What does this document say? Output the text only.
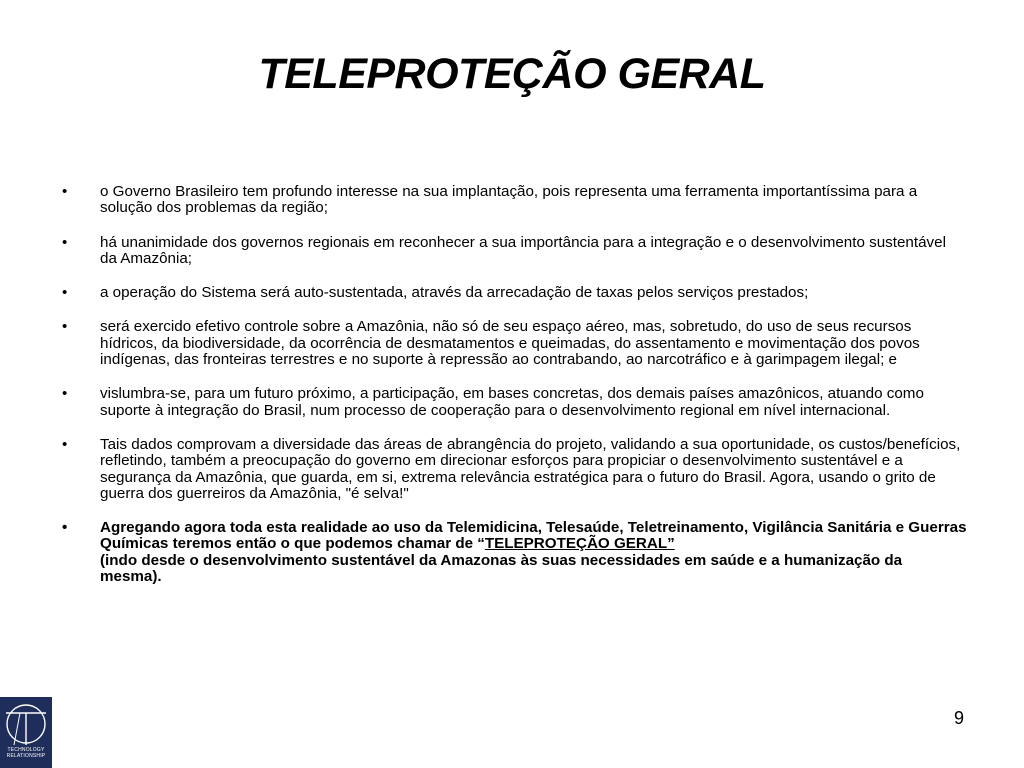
TELEPROTEÇÃO GERAL
• o Governo Brasileiro tem profundo interesse na sua implantação, pois representa uma ferramenta importantíssima para a solução dos problemas da região;
• há unanimidade dos governos regionais em reconhecer a sua importância para a integração e o desenvolvimento sustentável da Amazônia;
• a operação do Sistema será auto-sustentada, através da arrecadação de taxas pelos serviços prestados;
• será exercido efetivo controle sobre a Amazônia, não só de seu espaço aéreo, mas, sobretudo, do uso de seus recursos hídricos, da biodiversidade, da ocorrência de desmatamentos e queimadas, do assentamento e movimentação dos povos indígenas, das fronteiras terrestres e no suporte à repressão ao contrabando, ao narcotráfico e à garimpagem ilegal; e
• vislumbra-se, para um futuro próximo, a participação, em bases concretas, dos demais países amazônicos, atuando como suporte à integração do Brasil, num processo de cooperação para o desenvolvimento regional em nível internacional.
• Tais dados comprovam a diversidade das áreas de abrangência do projeto, validando a sua oportunidade, os custos/benefícios, refletindo, também a preocupação do governo em direcionar esforços para propiciar o desenvolvimento sustentável e a segurança da Amazônia, que guarda, em si, extrema relevância estratégica para o futuro do Brasil. Agora, usando o grito de guerra dos guerreiros da Amazônia, "é selva!"
• Agregando agora toda esta realidade ao uso da Telemidicina, Telesaúde, Teletreinamento, Vigilância Sanitária e Guerras Químicas teremos então o que podemos chamar de “TELEPROTEÇÃO GERAL”
(indo desde o desenvolvimento sustentável da Amazonas às suas necessidades em saúde e a humanização da mesma).
9
TECHNOLOGY
RELATIONSHIP
